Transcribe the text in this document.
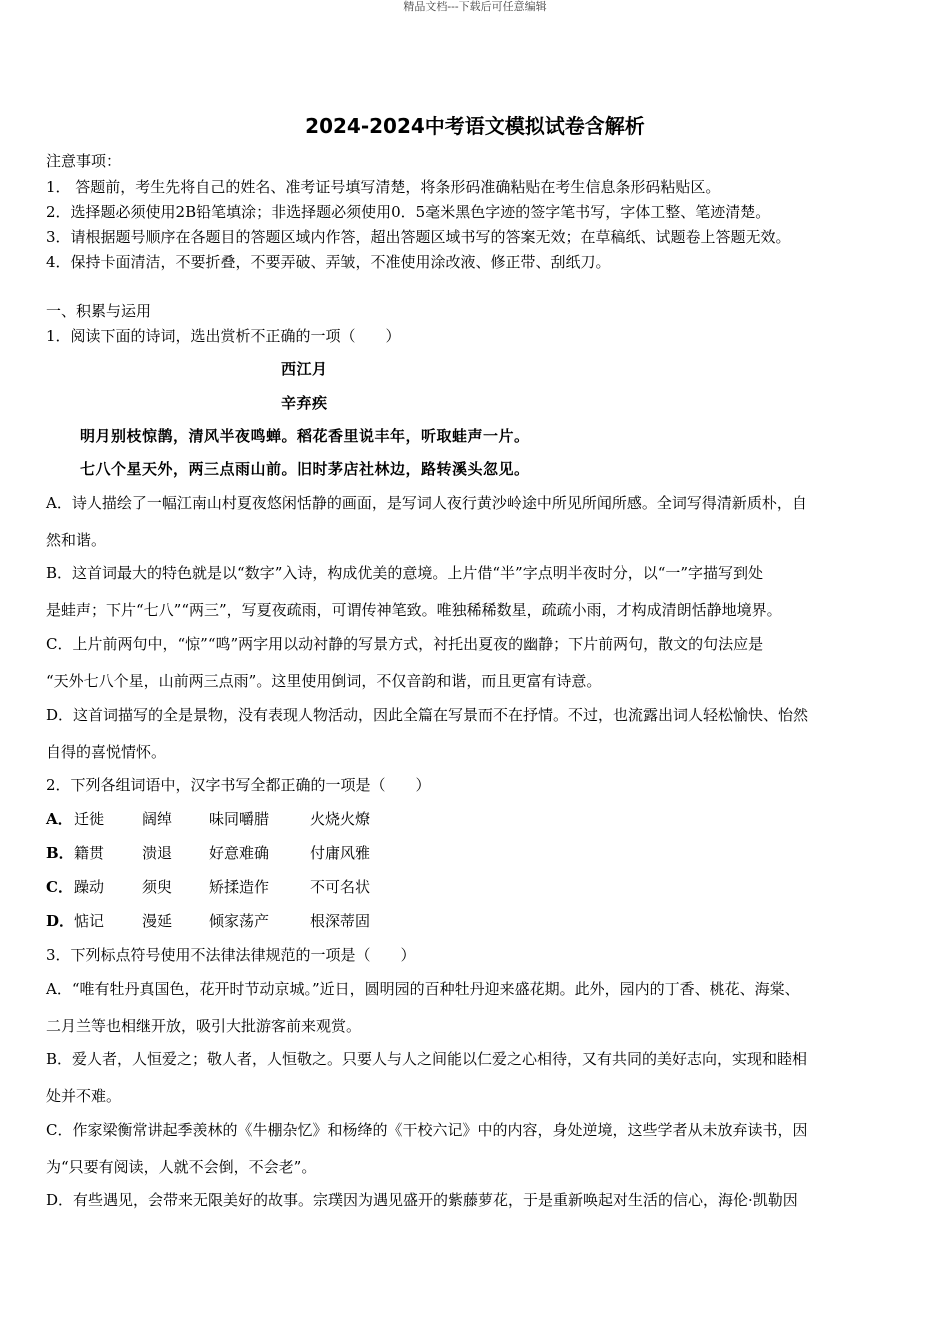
精品文档---下载后可任意编辑
2024-2024中考语文模拟试卷含解析
注意事项：
1． 答题前，考生先将自己的姓名、准考证号填写清楚，将条形码准确粘贴在考生信息条形码粘贴区。
2．选择题必须使用2B铅笔填涂；非选择题必须使用0．5毫米黑色字迹的签字笔书写，字体工整、笔迹清楚。
3．请根据题号顺序在各题目的答题区域内作答，超出答题区域书写的答案无效；在草稿纸、试题卷上答题无效。
4．保持卡面清洁，不要折叠，不要弄破、弄皱，不准使用涂改液、修正带、刮纸刀。
一、积累与运用
1．阅读下面的诗词，选出赏析不正确的一项（　　）
西江月
辛弃疾
明月别枝惊鹊，清风半夜鸣蝉。稻花香里说丰年，听取蛙声一片。
七八个星天外，两三点雨山前。旧时茅店社林边，路转溪头忽见。
A．诗人描绘了一幅江南山村夏夜悠闲恬静的画面，是写词人夜行黄沙岭途中所见所闻所感。全词写得清新质朴，自
然和谐。
B．这首词最大的特色就是以“数字”入诗，构成优美的意境。上片借“半”字点明半夜时分，以“一”字描写到处
是蛙声；下片“七八”“两三”，写夏夜疏雨，可谓传神笔致。唯独稀稀数星，疏疏小雨，才构成清朗恬静地境界。
C．上片前两句中，“惊”“鸣”两字用以动衬静的写景方式，衬托出夏夜的幽静；下片前两句，散文的句法应是
“天外七八个星，山前两三点雨”。这里使用倒词，不仅音韵和谐，而且更富有诗意。
D．这首词描写的全是景物，没有表现人物活动，因此全篇在写景而不在抒情。不过，也流露出词人轻松愉快、怡然
自得的喜悦情怀。
2．下列各组词语中，汉字书写全都正确的一项是（　　）
A．迁徙	阔绰 味同嚼腊	火烧火燎
B．籍贯	溃退 好意难确	付庸风雅
C．躁动	须臾 矫揉造作	不可名状
D．惦记	漫延 倾家荡产	根深蒂固
3．下列标点符号使用不法律法律规范的一项是（　　）
A．“唯有牡丹真国色，花开时节动京城。”近日，圆明园的百种牡丹迎来盛花期。此外，园内的丁香、桃花、海棠、
二月兰等也相继开放，吸引大批游客前来观赏。
B．爱人者，人恒爱之；敬人者，人恒敬之。只要人与人之间能以仁爱之心相待，又有共同的美好志向，实现和睦相
处并不难。
C．作家梁衡常讲起季羡林的《牛棚杂忆》和杨绛的《干校六记》中的内容，身处逆境，这些学者从未放弃读书，因
为“只要有阅读，人就不会倒，不会老”。
D．有些遇见，会带来无限美好的故事。宗璞因为遇见盛开的紫藤萝花，于是重新唤起对生活的信心，海伦·凯勒因
